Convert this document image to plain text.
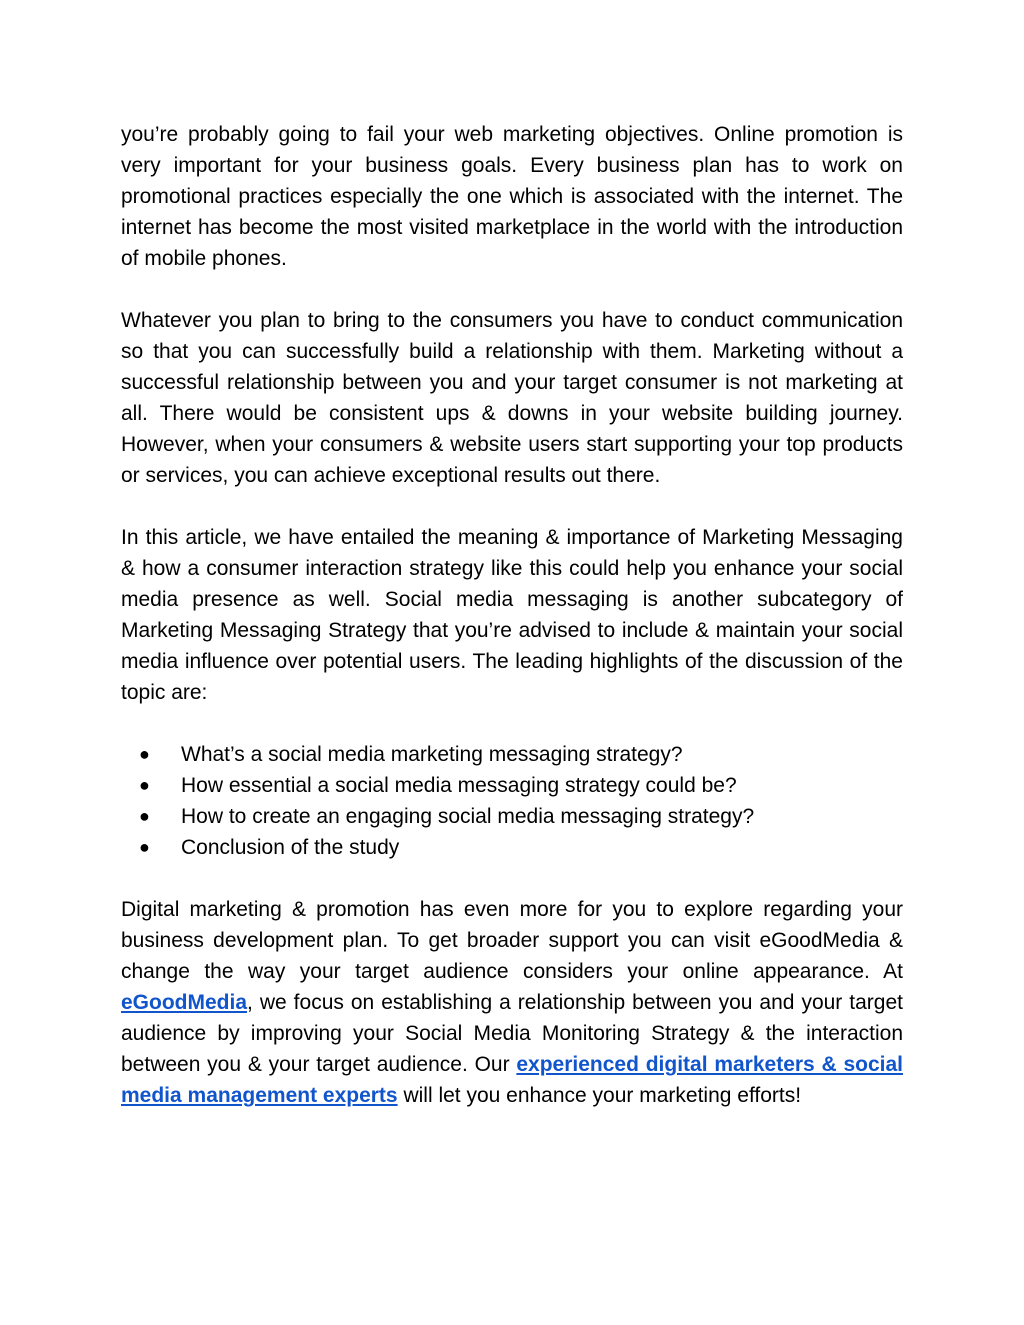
you’re probably going to fail your web marketing objectives. Online promotion is very important for your business goals. Every business plan has to work on promotional practices especially the one which is associated with the internet. The internet has become the most visited marketplace in the world with the introduction of mobile phones.

Whatever you plan to bring to the consumers you have to conduct communication so that you can successfully build a relationship with them. Marketing without a successful relationship between you and your target consumer is not marketing at all. There would be consistent ups & downs in your website building journey. However, when your consumers & website users start supporting your top products or services, you can achieve exceptional results out there.

In this article, we have entailed the meaning & importance of Marketing Messaging & how a consumer interaction strategy like this could help you enhance your social media presence as well. Social media messaging is another subcategory of Marketing Messaging Strategy that you’re advised to include & maintain your social media influence over potential users. The leading highlights of the discussion of the topic are:

● What’s a social media marketing messaging strategy?
● How essential a social media messaging strategy could be?
● How to create an engaging social media messaging strategy?
● Conclusion of the study

Digital marketing & promotion has even more for you to explore regarding your business development plan. To get broader support you can visit eGoodMedia & change the way your target audience considers your online appearance. At eGoodMedia, we focus on establishing a relationship between you and your target audience by improving your Social Media Monitoring Strategy & the interaction between you & your target audience. Our experienced digital marketers & social media management experts will let you enhance your marketing efforts!
